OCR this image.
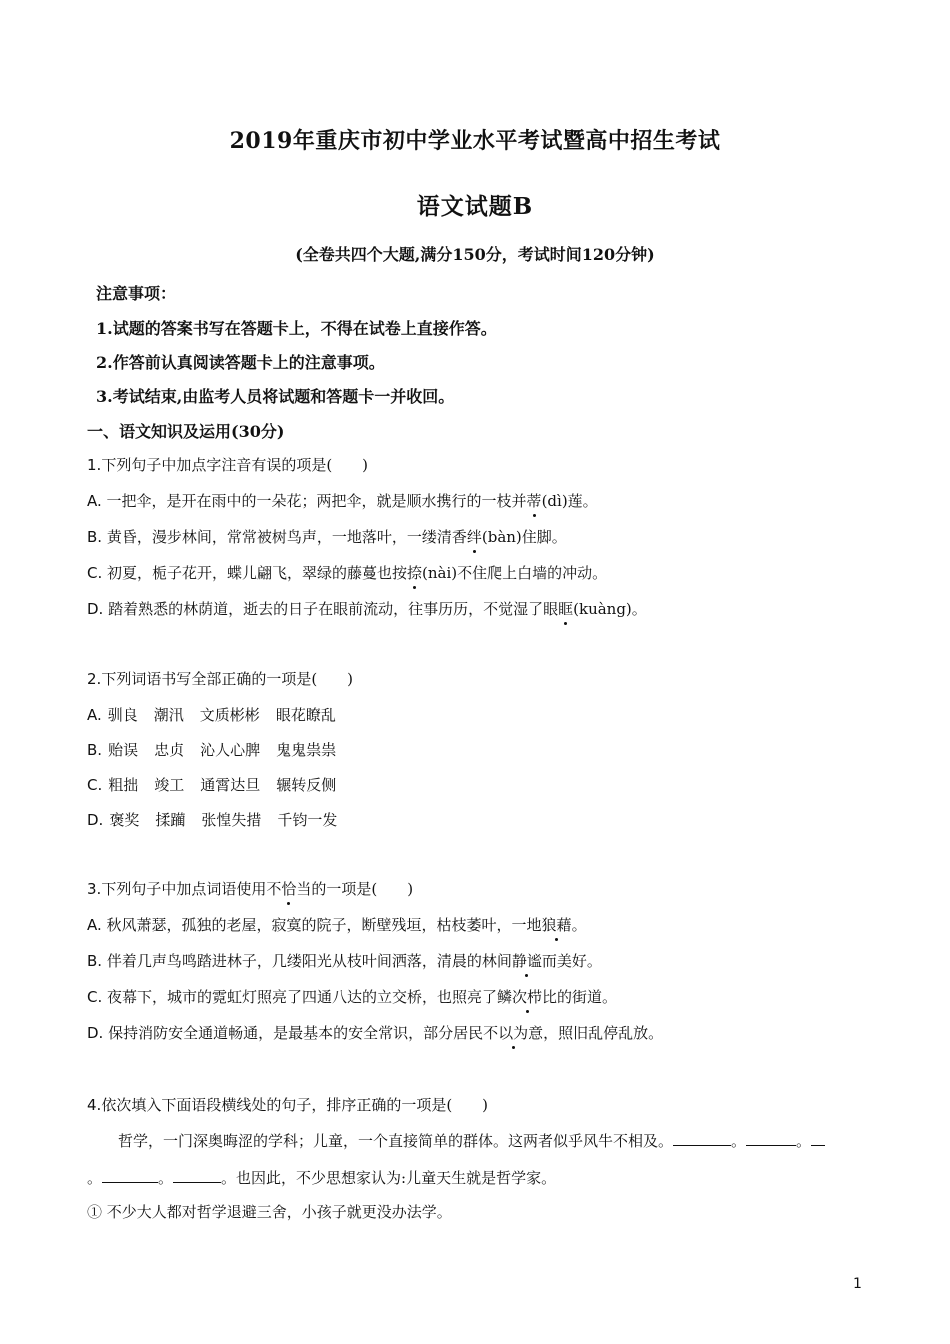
2019年重庆市初中学业水平考试暨高中招生考试
语文试题B
(全卷共四个大题,满分150分，考试时间120分钟)
注意事项：
1.试题的答案书写在答题卡上，不得在试卷上直接作答。
2.作答前认真阅读答题卡上的注意事项。
3.考试结束,由监考人员将试题和答题卡一并收回。
一、语文知识及运用(30分)
1.下列句子中加点字注音有误的项是(　　)
A. 一把伞，是开在雨中的一朵花；两把伞，就是顺水携行的一枝并蒂(dì)莲。
B. 黄昏，漫步林间，常常被树鸟声，一地落叶，一缕清香绊(bàn)住脚。
C. 初夏，栀子花开，蝶儿翩飞，翠绿的藤蔓也按捺(nài)不住爬上白墙的冲动。
D. 踏着熟悉的林荫道，逝去的日子在眼前流动，往事历历，不觉湿了眼眶(kuàng)。
2.下列词语书写全部正确的一项是(　　)
A. 驯良 潮汛 文质彬彬 眼花瞭乱
B. 贻误 忠贞 沁人心脾 鬼鬼祟祟
C. 粗拙 竣工 通霄达旦 辗转反侧
D. 褒奖 揉躏 张惶失措 千钧一发
3.下列句子中加点词语使用不恰当的一项是(　　)
A. 秋风萧瑟，孤独的老屋，寂寞的院子，断壁残垣，枯枝萎叶，一地狼藉。
B. 伴着几声鸟鸣踏进林子，几缕阳光从枝叶间洒落，清晨的林间静谧而美好。
C. 夜幕下，城市的霓虹灯照亮了四通八达的立交桥，也照亮了鳞次栉比的街道。
D. 保持消防安全通道畅通，是最基本的安全常识，部分居民不以为意，照旧乱停乱放。
4.依次填入下面语段横线处的句子，排序正确的一项是(　　)
哲学，一门深奥晦涩的学科；儿童，一个直接简单的群体。这两者似乎风牛不相及。	。	。
。	。	。也因此，不少思想家认为:儿童天生就是哲学家。
① 不少大人都对哲学退避三舍，小孩子就更没办法学。
1
